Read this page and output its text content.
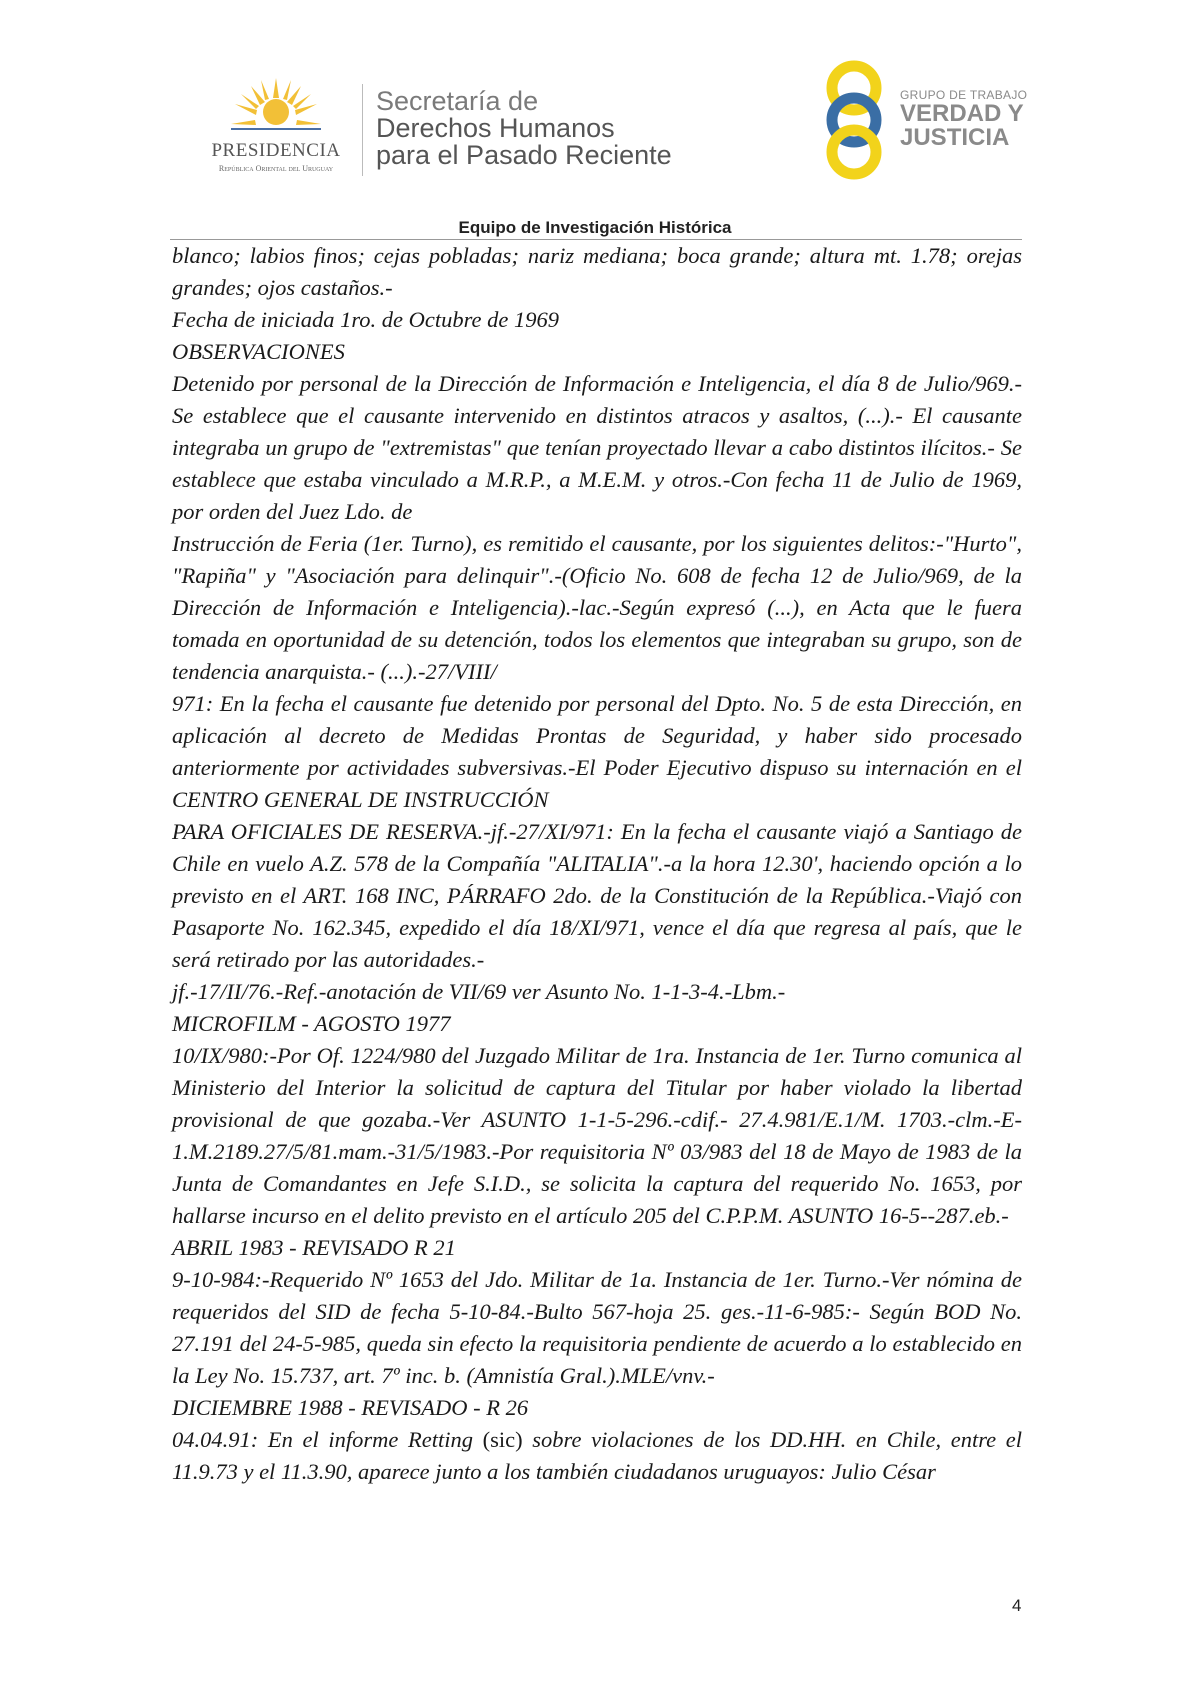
PRESIDENCIA
República Oriental del Uruguay
Secretaría de
Derechos Humanos
para el Pasado Reciente
GRUPO DE TRABAJO
VERDAD Y
JUSTICIA
Equipo de Investigación Histórica

blanco; labios finos; cejas pobladas; nariz mediana; boca grande; altura mt. 1.78; orejas grandes; ojos castaños.-

Fecha de iniciada 1ro. de Octubre de 1969

OBSERVACIONES

Detenido por personal de la Dirección de Información e Inteligencia, el día 8 de Julio/969.-Se establece que el causante intervenido en distintos atracos y asaltos, (...).- El causante integraba un grupo de "extremistas" que tenían proyectado llevar a cabo distintos ilícitos.- Se establece que estaba vinculado a M.R.P., a M.E.M. y otros.-Con fecha 11 de Julio de 1969, por orden del Juez Ldo. de

Instrucción de Feria (1er. Turno), es remitido el causante, por los siguientes delitos:-"Hurto", "Rapiña" y "Asociación para delinquir".-(Oficio No. 608 de fecha 12 de Julio/969, de la Dirección de Información e Inteligencia).-lac.-Según expresó (...), en Acta que le fuera tomada en oportunidad de su detención, todos los elementos que integraban su grupo, son de tendencia anarquista.- (...).-27/VIII/

971: En la fecha el causante fue detenido por personal del Dpto. No. 5 de esta Dirección, en aplicación al decreto de Medidas Prontas de Seguridad, y haber sido procesado anteriormente por actividades subversivas.-El Poder Ejecutivo dispuso su internación en el CENTRO GENERAL DE INSTRUCCIÓN

PARA OFICIALES DE RESERVA.-jf.-27/XI/971: En la fecha el causante viajó a Santiago de Chile en vuelo A.Z. 578 de la Compañía "ALITALIA".-a la hora 12.30', haciendo opción a lo previsto en el ART. 168 INC, PÁRRAFO 2do. de la Constitución de la República.-Viajó con Pasaporte No. 162.345, expedido el día 18/XI/971, vence el día que regresa al país, que le será retirado por las autoridades.-

jf.-17/II/76.-Ref.-anotación de VII/69 ver Asunto No. 1-1-3-4.-Lbm.-

MICROFILM - AGOSTO 1977

10/IX/980:-Por Of. 1224/980 del Juzgado Militar de 1ra. Instancia de 1er. Turno comunica al Ministerio del Interior la solicitud de captura del Titular por haber violado la libertad provisional de que gozaba.-Ver ASUNTO 1-1-5-296.-cdif.- 27.4.981/E.1/M. 1703.-clm.-E-1.M.2189.27/5/81.mam.-31/5/1983.-Por requisitoria Nº 03/983 del 18 de Mayo de 1983 de la Junta de Comandantes en Jefe S.I.D., se solicita la captura del requerido No. 1653, por hallarse incurso en el delito previsto en el artículo 205 del C.P.P.M. ASUNTO 16-5--287.eb.-

ABRIL 1983 - REVISADO R 21

9-10-984:-Requerido Nº 1653 del Jdo. Militar de 1a. Instancia de 1er. Turno.-Ver nómina de requeridos del SID de fecha 5-10-84.-Bulto 567-hoja 25. ges.-11-6-985:- Según BOD No. 27.191 del 24-5-985, queda sin efecto la requisitoria pendiente de acuerdo a lo establecido en la Ley No. 15.737, art. 7º inc. b. (Amnistía Gral.).MLE/vnv.-

DICIEMBRE 1988 - REVISADO - R 26

04.04.91: En el informe Retting (sic) sobre violaciones de los DD.HH. en Chile, entre el 11.9.73 y el 11.3.90, aparece junto a los también ciudadanos uruguayos: Julio César

4
